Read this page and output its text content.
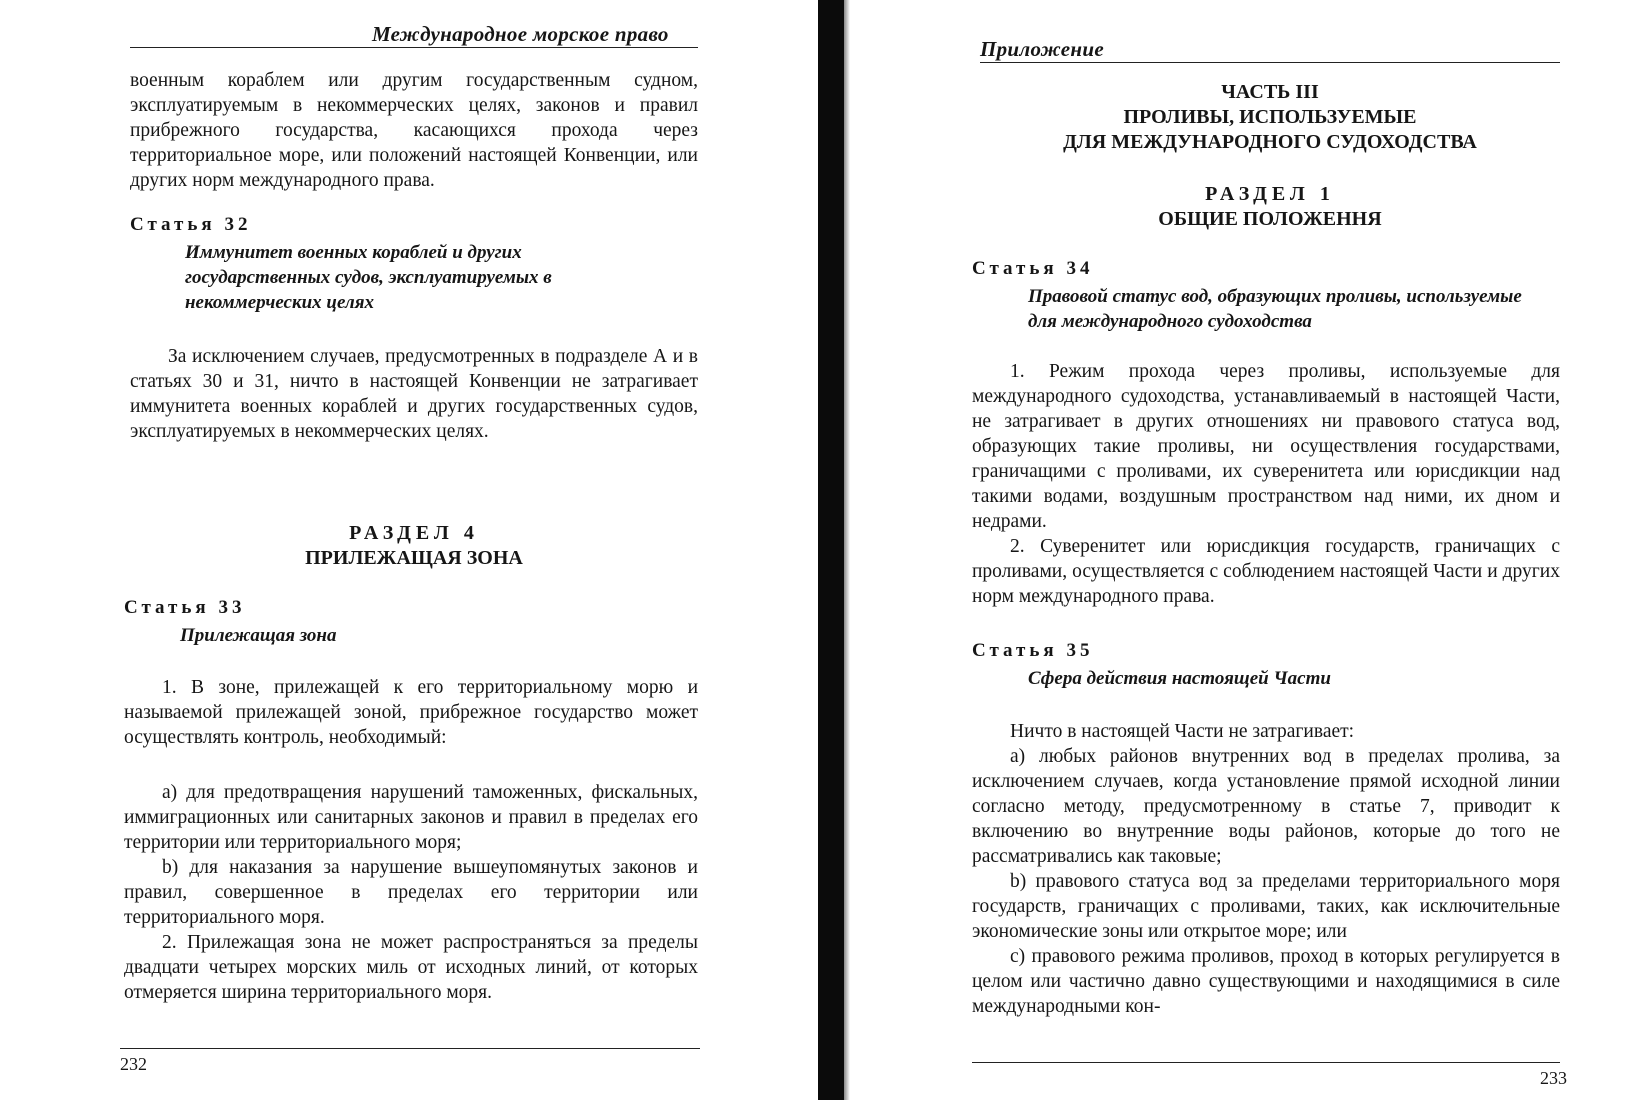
Международное морское право

военным кораблем или другим государственным судном, эксплуатируемым в некоммерческих целях, законов и правил прибрежного государства, касающихся прохода через территориальное море, или положений настоящей Конвенции, или других норм международного права.

Статья 32
Иммунитет военных кораблей и других государственных судов, эксплуатируемых в некоммерческих целях

За исключением случаев, предусмотренных в подразделе А и в статьях 30 и 31, ничто в настоящей Конвенции не затрагивает иммунитета военных кораблей и других государственных судов, эксплуатируемых в некоммерческих целях.

РАЗДЕЛ 4
ПРИЛЕЖАЩАЯ ЗОНА
Статья 33
Прилежащая зона

1. В зоне, прилежащей к его территориальному морю и называемой прилежащей зоной, прибрежное государство может осуществлять контроль, необходимый:

a) для предотвращения нарушений таможенных, фискальных, иммиграционных или санитарных законов и правил в пределах его территории или территориального моря;

b) для наказания за нарушение вышеупомянутых законов и правил, совершенное в пределах его территории или территориального моря.

2. Прилежащая зона не может распространяться за пределы двадцати четырех морских миль от исходных линий, от которых отмеряется ширина территориального моря.

232
Приложение
ЧАСТЬ III
ПРОЛИВЫ, ИСПОЛЬЗУЕМЫЕ
ДЛЯ МЕЖДУНАРОДНОГО СУДОХОДСТВА
РАЗДЕЛ 1
ОБЩИЕ ПОЛОЖЕННЯ
Статья 34
Правовой статус вод, образующих проливы, используемые для международного судоходства

1. Режим прохода через проливы, используемые для международного судоходства, устанавливаемый в настоящей Части, не затрагивает в других отношениях ни правового статуса вод, образующих такие проливы, ни осуществления государствами, граничащими с проливами, их суверенитета или юрисдикции над такими водами, воздушным пространством над ними, их дном и недрами.

2. Суверенитет или юрисдикция государств, граничащих с проливами, осуществляется с соблюдением настоящей Части и других норм международного права.

Статья 35
Сфера действия настоящей Части

Ничто в настоящей Части не затрагивает:

a) любых районов внутренних вод в пределах пролива, за исключением случаев, когда установление прямой исходной линии согласно методу, предусмотренному в статье 7, приводит к включению во внутренние воды районов, которые до того не рассматривались как таковые;

b) правового статуса вод за пределами территориального моря государств, граничащих с проливами, таких, как исключительные экономические зоны или открытое море; или

c) правового режима проливов, проход в которых регулируется в целом или частично давно существующими и находящимися в силе международными кон-

233
